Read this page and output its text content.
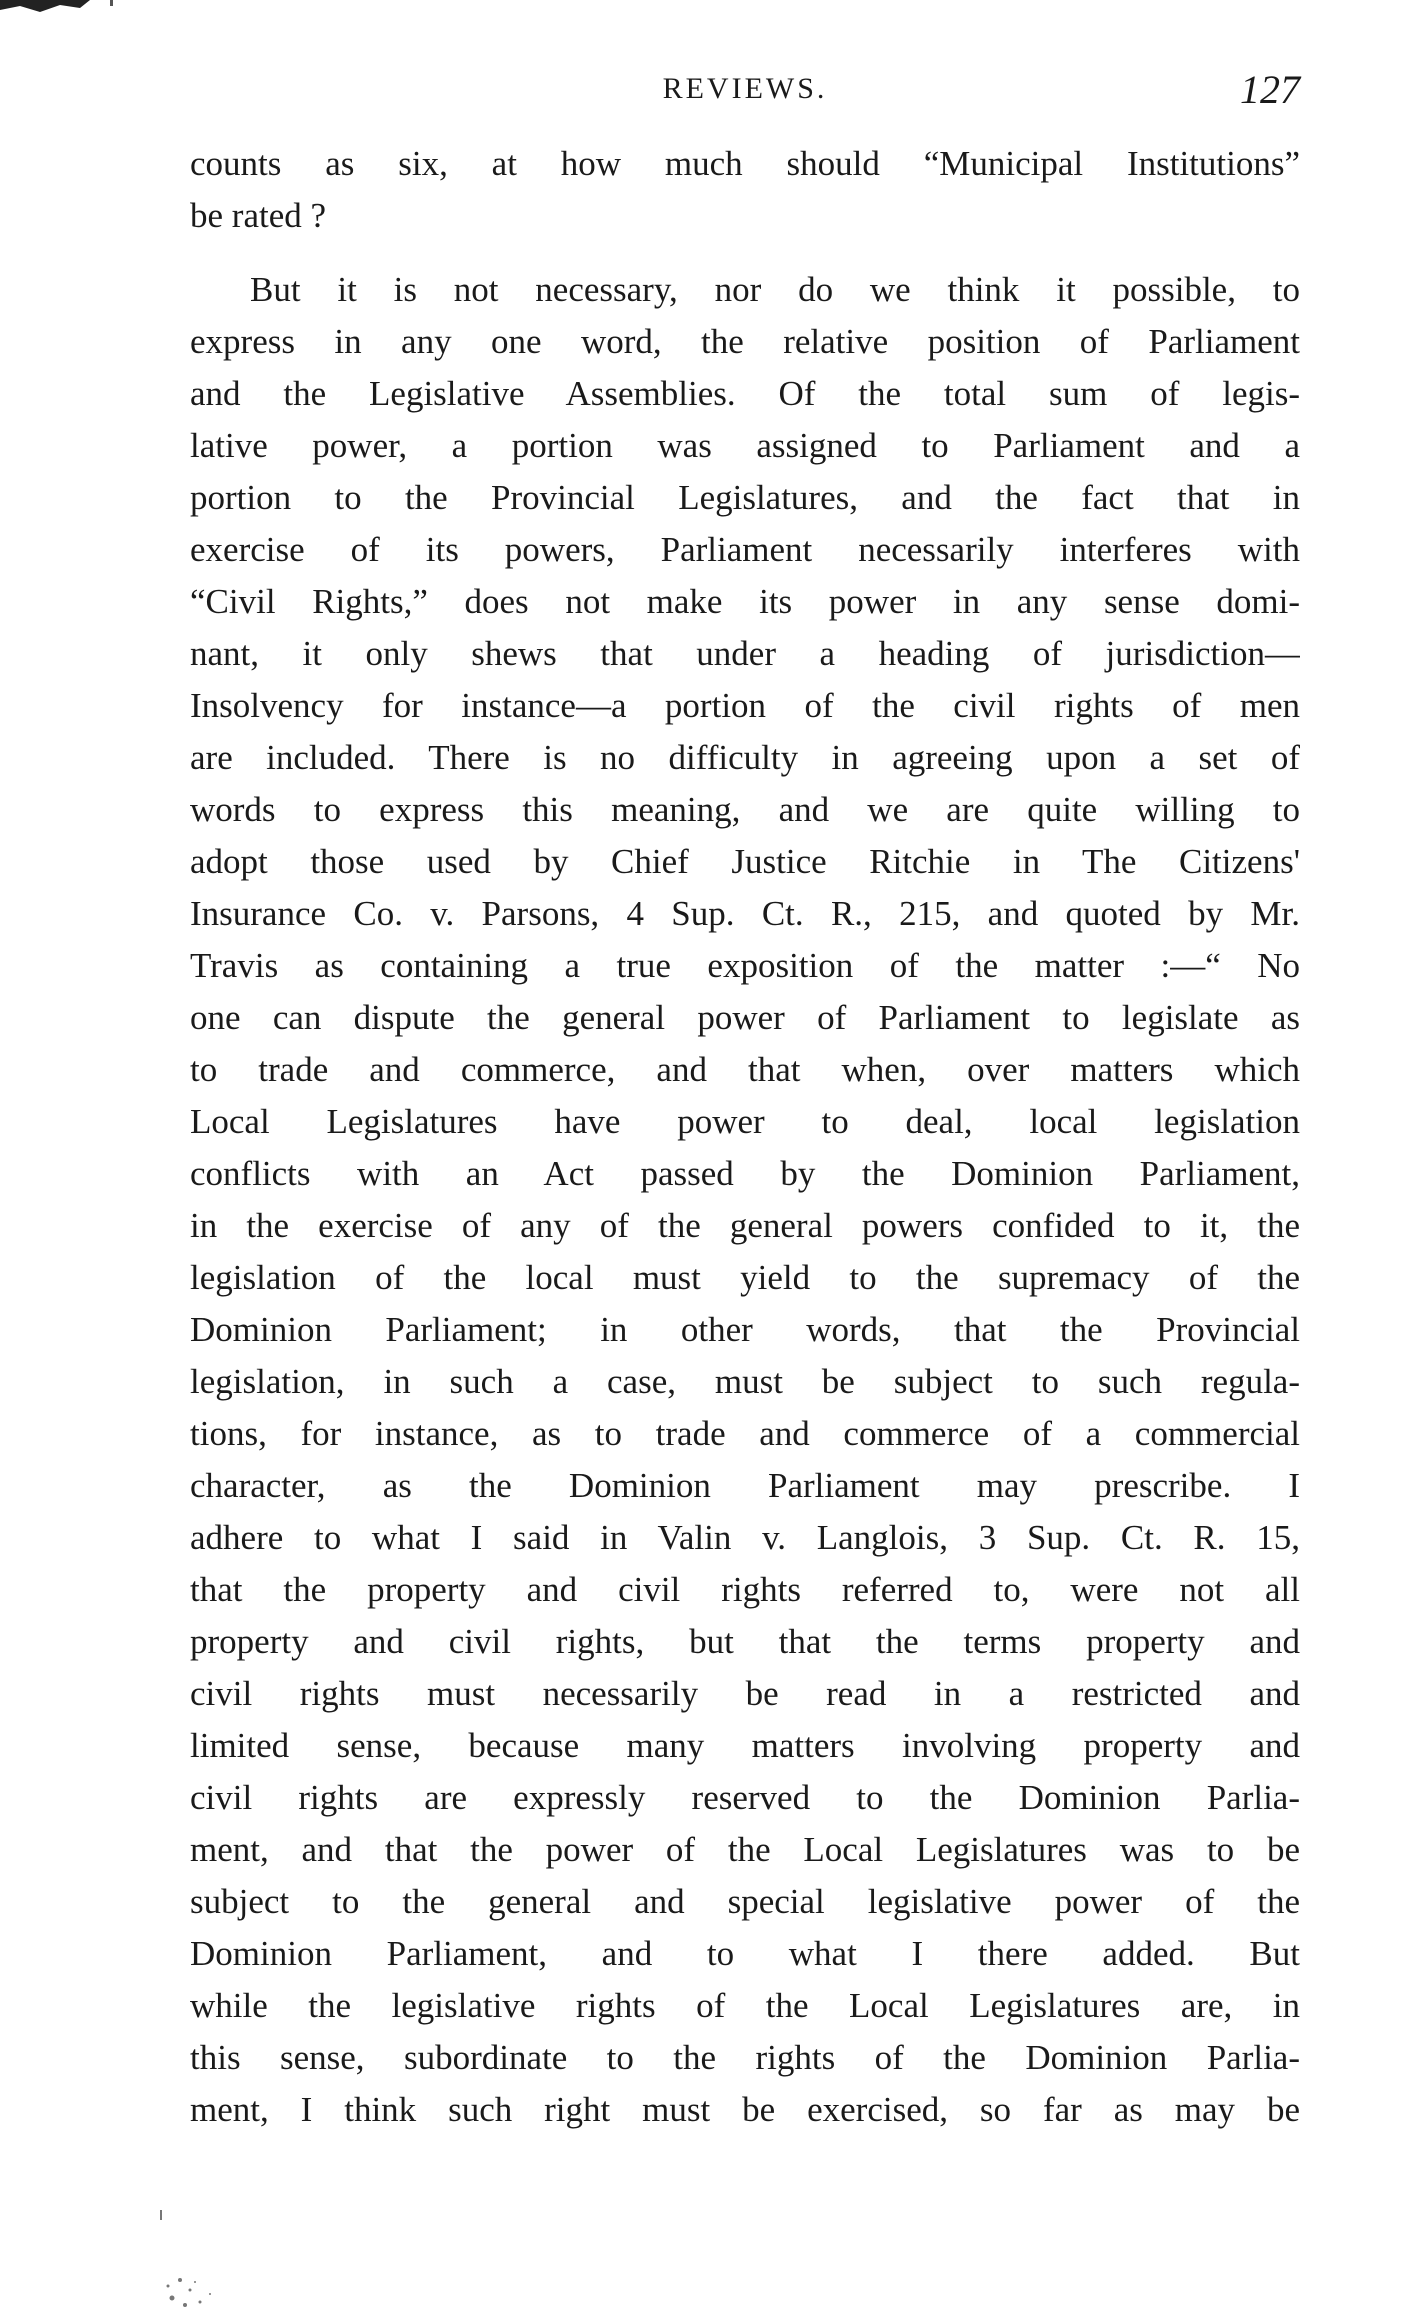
REVIEWS.	127
counts as six, at how much should “Municipal Institutions”
be rated ?
But it is not necessary, nor do we think it possible, to
express in any one word, the relative position of Parliament
and the Legislative Assemblies. Of the total sum of legis-
lative power, a portion was assigned to Parliament and a
portion to the Provincial Legislatures, and the fact that in
exercise of its powers, Parliament necessarily interferes with
“Civil Rights,” does not make its power in any sense domi-
nant, it only shews that under a heading of jurisdiction—
Insolvency for instance—a portion of the civil rights of men
are included. There is no difficulty in agreeing upon a set of
words to express this meaning, and we are quite willing to
adopt those used by Chief Justice Ritchie in The Citizens'
Insurance Co. v. Parsons, 4 Sup. Ct. R., 215, and quoted by Mr.
Travis as containing a true exposition of the matter :—“ No
one can dispute the general power of Parliament to legislate as
to trade and commerce, and that when, over matters which
Local Legislatures have power to deal, local legislation
conflicts with an Act passed by the Dominion Parliament,
in the exercise of any of the general powers confided to it, the
legislation of the local must yield to the supremacy of the
Dominion Parliament; in other words, that the Provincial
legislation, in such a case, must be subject to such regula-
tions, for instance, as to trade and commerce of a commercial
character, as the Dominion Parliament may prescribe. I
adhere to what I said in Valin v. Langlois, 3 Sup. Ct. R. 15,
that the property and civil rights referred to, were not all
property and civil rights, but that the terms property and
civil rights must necessarily be read in a restricted and
limited sense, because many matters involving property and
civil rights are expressly reserved to the Dominion Parlia-
ment, and that the power of the Local Legislatures was to be
subject to the general and special legislative power of the
Dominion Parliament, and to what I there added. But
while the legislative rights of the Local Legislatures are, in
this sense, subordinate to the rights of the Dominion Parlia-
ment, I think such right must be exercised, so far as may be
